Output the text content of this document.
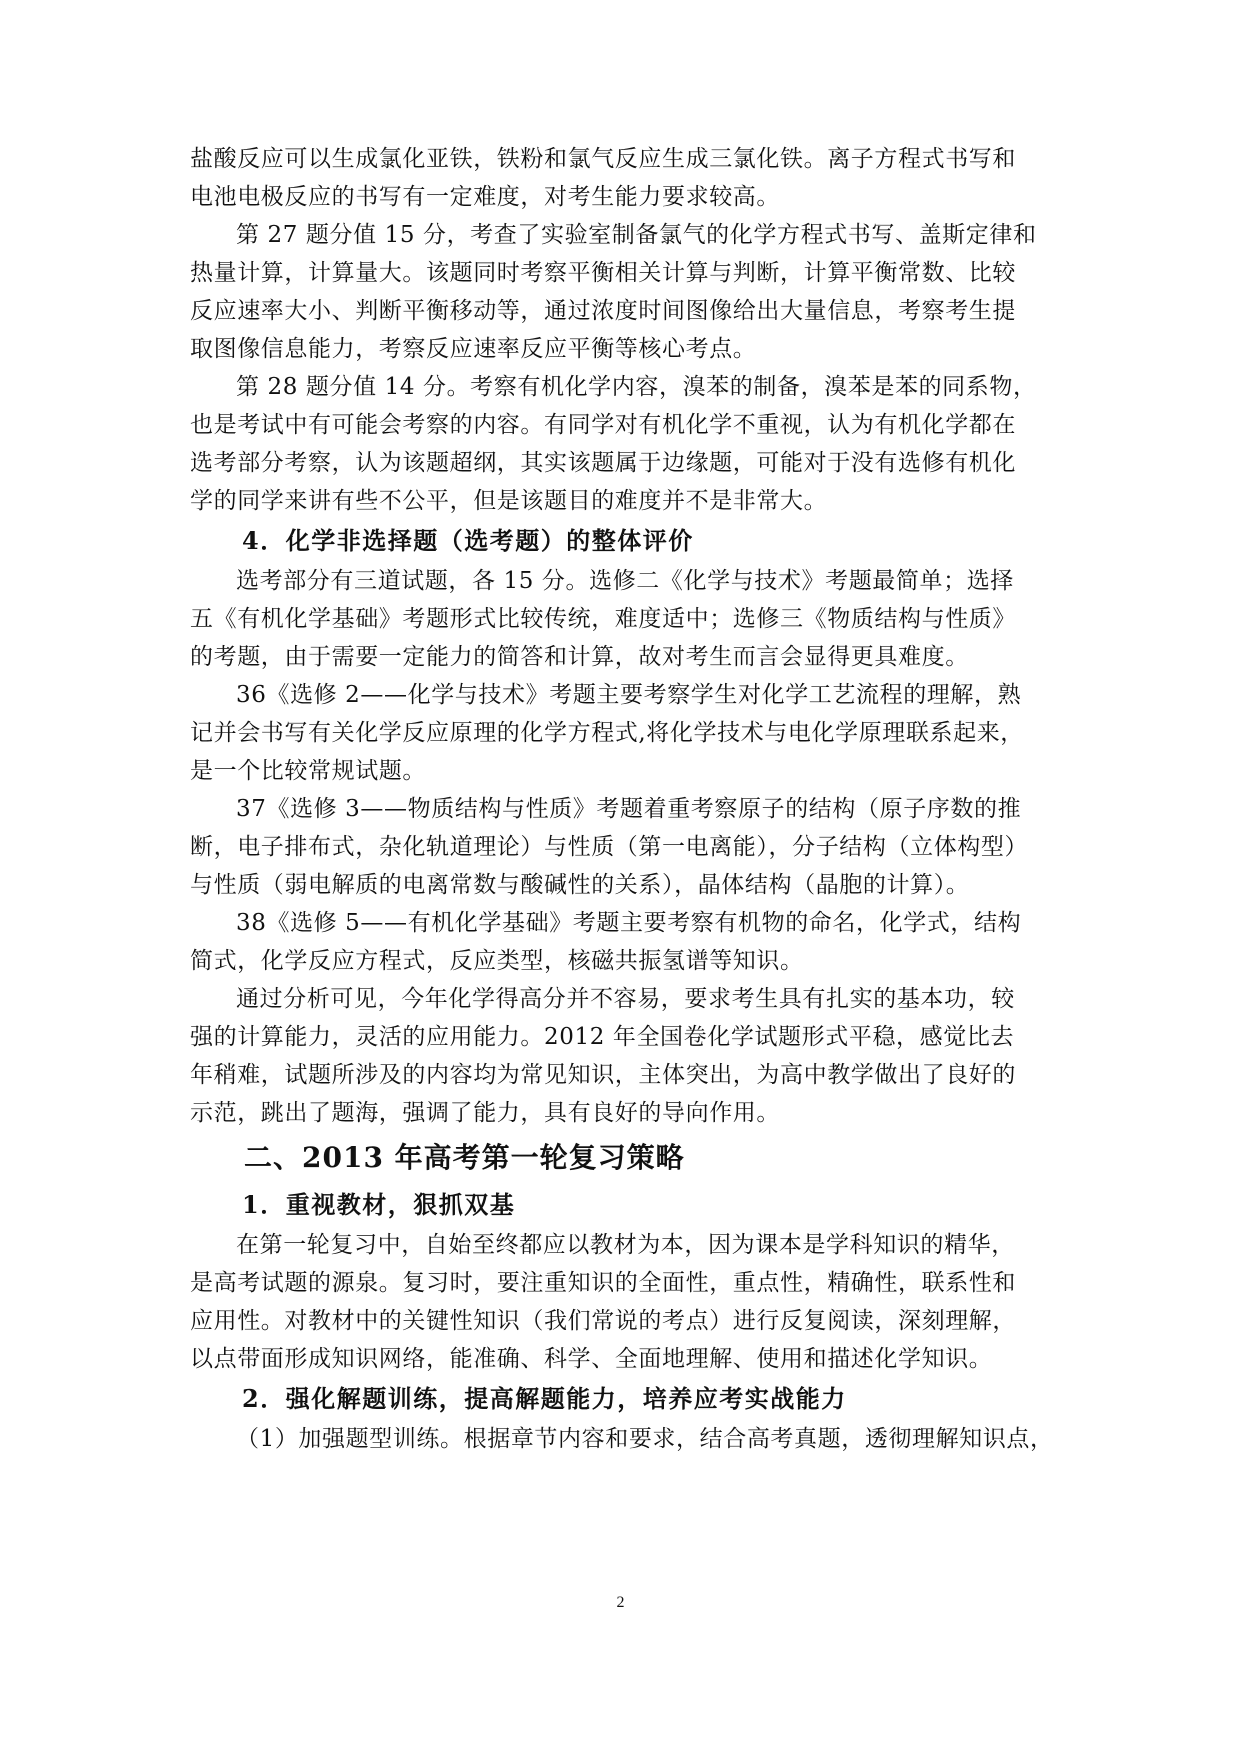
盐酸反应可以生成氯化亚铁，铁粉和氯气反应生成三氯化铁。离子方程式书写和
电池电极反应的书写有一定难度，对考生能力要求较高。
第 27 题分值 15 分，考查了实验室制备氯气的化学方程式书写、盖斯定律和
热量计算，计算量大。该题同时考察平衡相关计算与判断，计算平衡常数、比较
反应速率大小、判断平衡移动等，通过浓度时间图像给出大量信息，考察考生提
取图像信息能力，考察反应速率反应平衡等核心考点。
第 28 题分值 14 分。考察有机化学内容，溴苯的制备，溴苯是苯的同系物，
也是考试中有可能会考察的内容。有同学对有机化学不重视，认为有机化学都在
选考部分考察，认为该题超纲，其实该题属于边缘题，可能对于没有选修有机化
学的同学来讲有些不公平，但是该题目的难度并不是非常大。
4．化学非选择题（选考题）的整体评价
选考部分有三道试题，各 15 分。选修二《化学与技术》考题最简单；选择
五《有机化学基础》考题形式比较传统，难度适中；选修三《物质结构与性质》
的考题，由于需要一定能力的简答和计算，故对考生而言会显得更具难度。
36《选修 2——化学与技术》考题主要考察学生对化学工艺流程的理解，熟
记并会书写有关化学反应原理的化学方程式,将化学技术与电化学原理联系起来，
是一个比较常规试题。
37《选修 3——物质结构与性质》考题着重考察原子的结构（原子序数的推
断，电子排布式，杂化轨道理论）与性质（第一电离能），分子结构（立体构型）
与性质（弱电解质的电离常数与酸碱性的关系），晶体结构（晶胞的计算）。
38《选修 5——有机化学基础》考题主要考察有机物的命名，化学式，结构
简式，化学反应方程式，反应类型，核磁共振氢谱等知识。
通过分析可见，今年化学得高分并不容易，要求考生具有扎实的基本功，较
强的计算能力，灵活的应用能力。2012 年全国卷化学试题形式平稳，感觉比去
年稍难，试题所涉及的内容均为常见知识，主体突出，为高中教学做出了良好的
示范，跳出了题海，强调了能力，具有良好的导向作用。
二、2013 年高考第一轮复习策略
1．重视教材，狠抓双基
在第一轮复习中，自始至终都应以教材为本，因为课本是学科知识的精华，
是高考试题的源泉。复习时，要注重知识的全面性，重点性，精确性，联系性和
应用性。对教材中的关键性知识（我们常说的考点）进行反复阅读，深刻理解，
以点带面形成知识网络，能准确、科学、全面地理解、使用和描述化学知识。
2．强化解题训练，提高解题能力，培养应考实战能力
（1）加强题型训练。根据章节内容和要求，结合高考真题，透彻理解知识点，
2
